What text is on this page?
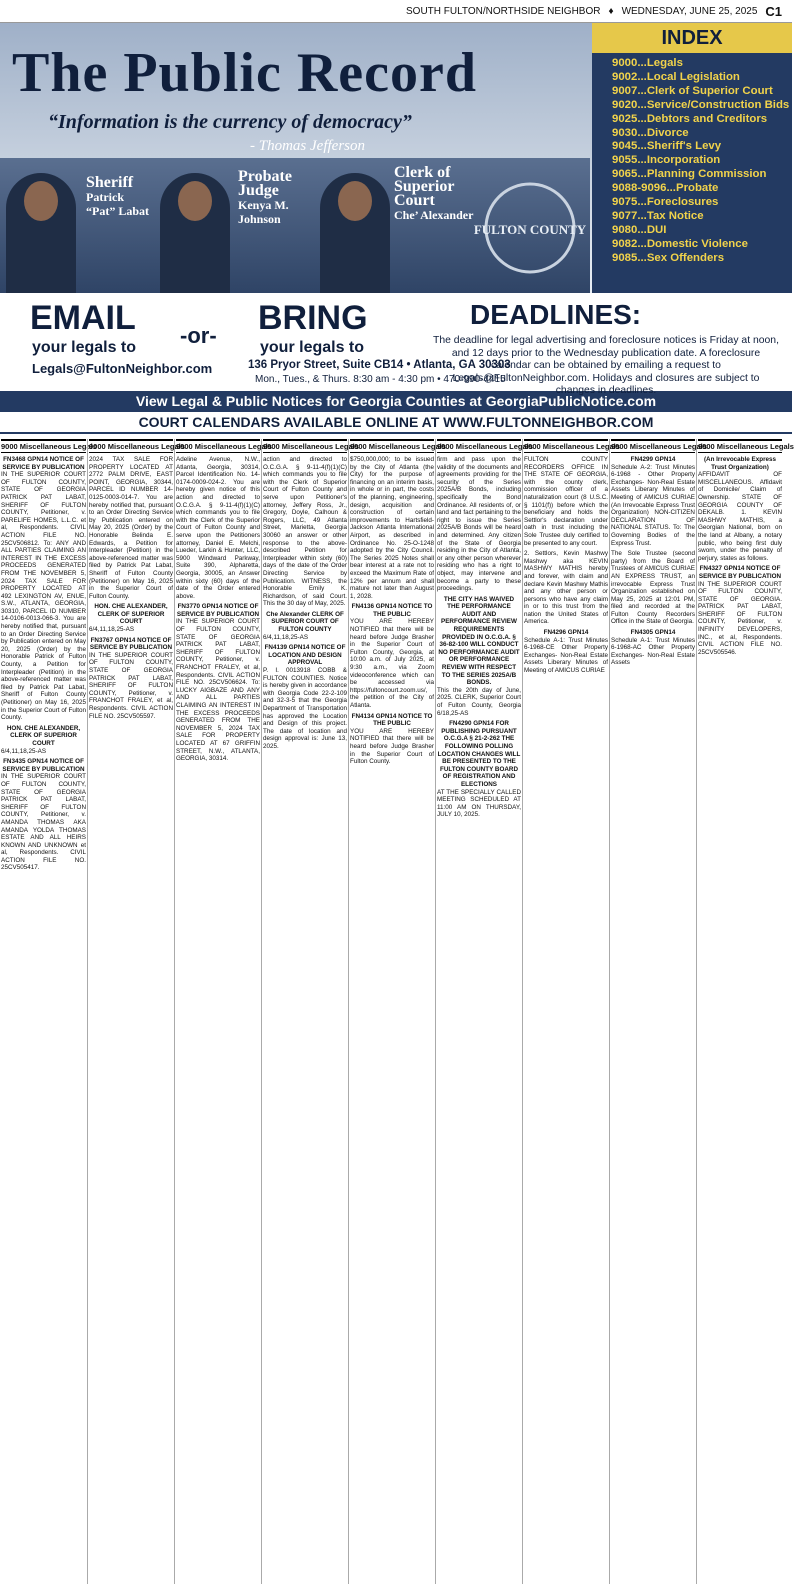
SOUTH FULTON/NORTHSIDE NEIGHBOR ♦ WEDNESDAY, JUNE 25, 2025 C1
The Public Record
“Information is the currency of democracy”
- Thomas Jefferson
Sheriff
Patrick “Pat” Labat
Probate Judge
Kenya M. Johnson
Clerk of Superior Court
Che’ Alexander
FULTON COUNTY
INDEX
9000...Legals
9002...Local Legislation
9007...Clerk of Superior Court
9020...Service/Construction Bids
9025...Debtors and Creditors
9030...Divorce
9045...Sheriff's Levy
9055...Incorporation
9065...Planning Commission
9088-9096...Probate
9075...Foreclosures
9077...Tax Notice
9080...DUI
9082...Domestic Violence
9085...Sex Offenders
EMAIL
your legals to
Legals@FultonNeighbor.com
-or- BRING
your legals to
136 Pryor Street, Suite CB14 • Atlanta, GA 30303
Mon., Tues., & Thurs. 8:30 am - 4:30 pm • 470-990-4415
DEADLINES:
The deadline for legal advertising and foreclosure notices is Friday at noon, and 12 days prior to the Wednesday publication date. A foreclosure calendar can be obtained by emailing a request to Legals@FultonNeighbor.com. Holidays and closures are subject to changes in deadlines.
View Legal & Public Notices for Georgia Counties at GeorgiaPublicNotice.com
COURT CALENDARS AVAILABLE ONLINE AT WWW.FULTONNEIGHBOR.COM
9000 Miscellaneous Legals
FN3468 GPN14 NOTICE OF SERVICE BY PUBLICATION
IN THE SUPERIOR COURT OF FULTON COUNTY, STATE OF GEORGIA PATRICK PAT LABAT, SHERIFF OF FULTON COUNTY, Petitioner, v. PARELIFE HOMES, L.L.C. et al, Respondents. CIVIL ACTION FILE NO. 25CV506812. To: ANY AND ALL PARTIES CLAIMING AN INTEREST IN THE EXCESS PROCEEDS GENERATED FROM THE NOVEMBER 5, 2024 TAX SALE FOR PROPERTY LOCATED AT 492 LEXINGTON AV, ENUE, S.W., ATLANTA, GEORGIA, 30310, PARCEL ID NUMBER 14-0106-0013-066-3. You are hereby notified that, pursuant to an Order Directing Service by Publication entered on May 20, 2025 (Order) by the Honorable Patrick of Fulton County, a Petition for Interpleader (Petition) in the above-referenced matter was filed by Patrick Pat Labat, Sheriff of Fulton County (Petitioner) on May 16, 2025 in the Superior Court of Fulton County.
HON. CHE ALEXANDER, CLERK OF SUPERIOR COURT
6/4,11,18,25-AS
FN3435 GPN14 NOTICE OF SERVICE BY PUBLICATION
IN THE SUPERIOR COURT OF FULTON COUNTY, STATE OF GEORGIA PATRICK PAT LABAT, SHERIFF OF FULTON COUNTY, Petitioner, v. AMANDA THOMAS AKA AMANDA YOLDA THOMAS ESTATE AND ALL HEIRS KNOWN AND UNKNOWN et al, Respondents. CIVIL ACTION FILE NO. 25CV505417.
9000 Miscellaneous Legals
2024 TAX SALE FOR PROPERTY LOCATED AT 2772 PALM DRIVE, EAST POINT, GEORGIA, 30344, PARCEL ID NUMBER 14-0125-0003-014-7. You are hereby notified that, pursuant to an Order Directing Service by Publication entered on May 20, 2025 (Order) by the Honorable Belinda E. Edwards, a Petition for Interpleader (Petition) in the above-referenced matter was filed by Patrick Pat Labat, Sheriff of Fulton County (Petitioner) on May 16, 2025 in the Superior Court of Fulton County.
HON. CHE ALEXANDER, CLERK OF SUPERIOR COURT
6/4,11,18,25-AS
FN3767 GPN14 NOTICE OF SERVICE BY PUBLICATION
IN THE SUPERIOR COURT OF FULTON COUNTY, STATE OF GEORGIA PATRICK PAT LABAT, SHERIFF OF FULTON COUNTY, Petitioner, v. FRANCHOT FRALEY, et al, Respondents. CIVIL ACTION FILE NO. 25CV505597.
9000 Miscellaneous Legals
Adeline Avenue, N.W., Atlanta, Georgia, 30314, Parcel Identification No. 14-0174-0009-024-2. You are hereby given notice of this action and directed to O.C.G.A. § 9-11-4(f)(1)(C) which commands you to file with the Clerk of the Superior Court of Fulton County and serve upon the Petitioners attorney, Daniel E. Melchi, Lueder, Larkin & Hunter, LLC, 5900 Windward Parkway, Suite 390, Alpharetta, Georgia, 30005, an Answer within sixty (60) days of the date of the Order entered above.
FN3770 GPN14 NOTICE OF SERVICE BY PUBLICATION
IN THE SUPERIOR COURT OF FULTON COUNTY, STATE OF GEORGIA PATRICK PAT LABAT, SHERIFF OF FULTON COUNTY, Petitioner, v. FRANCHOT FRALEY, et al, Respondents. CIVIL ACTION FILE NO. 25CV506624. To: LUCKY AIGBAZE AND ANY AND ALL PARTIES CLAIMING AN INTEREST IN THE EXCESS PROCEEDS GENERATED FROM THE NOVEMBER 5, 2024 TAX SALE FOR PROPERTY LOCATED AT 67 GRIFFIN STREET, N.W., ATLANTA, GEORGIA, 30314.
9000 Miscellaneous Legals
action and directed to O.C.G.A. § 9-11-4(f)(1)(C) which commands you to file with the Clerk of Superior Court of Fulton County and serve upon Petitioner's attorney, Jeffery Ross, Jr., Gregory, Doyle, Calhoun & Rogers, LLC, 49 Atlanta Street, Marietta, Georgia 30060 an answer or other response to the above-described Petition for Interpleader within sixty (60) days of the date of the Order Directing Service by Publication. WITNESS, the Honorable Emily K. Richardson, of said Court. This the 30 day of May, 2025.
Che Alexander CLERK OF SUPERIOR COURT OF FULTON COUNTY
6/4,11,18,25-AS
FN4139 GPN14 NOTICE OF LOCATION AND DESIGN APPROVAL
P. I. 0013918 COBB & FULTON COUNTIES. Notice is hereby given in accordance with Georgia Code 22-2-109 and 32-3-5 that the Georgia Department of Transportation has approved the Location and Design of this project. The date of location and design approval is: June 13, 2025.
9000 Miscellaneous Legals
$750,000,000; to be issued by the City of Atlanta (the City) for the purpose of financing on an interim basis, in whole or in part, the costs of the planning, engineering, design, acquisition and construction of certain improvements to Hartsfield-Jackson Atlanta International Airport, as described in Ordinance No. 25-O-1248 adopted by the City Council. The Series 2025 Notes shall bear interest at a rate not to exceed the Maximum Rate of 12% per annum and shall mature not later than August 1, 2028.
FN4136 GPN14 NOTICE TO THE PUBLIC
YOU ARE HEREBY NOTIFIED that there will be heard before Judge Brasher in the Superior Court of Fulton County, Georgia, at 10:00 a.m. of July 2025, at 9:30 a.m., via Zoom videoconference which can be accessed via https://fultoncourt.zoom.us/, the petition of the City of Atlanta.
FN4134 GPN14 NOTICE TO THE PUBLIC
YOU ARE HEREBY NOTIFIED that there will be heard before Judge Brasher in the Superior Court of Fulton County.
9000 Miscellaneous Legals
firm and pass upon the validity of the documents and agreements providing for the security of the Series 2025A/B Bonds, including specifically the Bond Ordinance. All residents of, or land and fact pertaining to the right to issue the Series 2025A/B Bonds will be heard and determined. Any citizen of the State of Georgia residing in the City of Atlanta, or any other person wherever residing who has a right to object, may intervene and become a party to these proceedings.
THE CITY HAS WAIVED THE PERFORMANCE AUDIT AND PERFORMANCE REVIEW REQUIREMENTS PROVIDED IN O.C.G.A. § 36-82-100 WILL CONDUCT NO PERFORMANCE AUDIT OR PERFORMANCE REVIEW WITH RESPECT TO THE SERIES 2025A/B BONDS.
This the 20th day of June, 2025. CLERK, Superior Court of Fulton County, Georgia 6/18,25-AS
FN4290 GPN14 FOR PUBLISHING PURSUANT O.C.G.A § 21-2-262 THE FOLLOWING POLLING LOCATION CHANGES WILL BE PRESENTED TO THE FULTON COUNTY BOARD OF REGISTRATION AND ELECTIONS
AT THE SPECIALLY CALLED MEETING SCHEDULED AT 11:00 AM ON THURSDAY, JULY 10, 2025.
9000 Miscellaneous Legals
FULTON COUNTY RECORDERS OFFICE IN THE STATE OF GEORGIA, with the county clerk, commission officer of a naturalization court (8 U.S.C. § 1101(f)) before which the beneficiary and holds the Settlor's declaration under oath in trust including the Sole Trustee duly certified to be presented to any court.
2. Settlors, Kevin Mashwy Mashwy aka KEVIN MASHWY MATHIS hereby and forever, with claim and declare Kevin Mashwy Mathis and any other person or persons who have any claim in or to this trust from the nation the United States of America.
FN4296 GPN14
Schedule A-1: Trust Minutes 6-1968-CE Other Property Exchanges- Non-Real Estate Assets Liberary Minutes of Meeting of AMICUS CURIAE
9000 Miscellaneous Legals
FN4299 GPN14
Schedule A-2: Trust Minutes 6-1968 - Other Property Exchanges- Non-Real Estate Assets Liberary Minutes of Meeting of AMICUS CURIAE (An Irrevocable Express Trust Organization) NON-CITIZEN DECLARATION OF NATIONAL STATUS. To: The Governing Bodies of the Express Trust.
The Sole Trustee (second party) from the Board of Trustees of AMICUS CURIAE AN EXPRESS TRUST, an irrevocable Express Trust Organization established on May 25, 2025 at 12:01 PM, filed and recorded at the Fulton County Recorders Office in the State of Georgia.
FN4305 GPN14
Schedule A-1: Trust Minutes 6-1968-AC Other Property Exchanges- Non-Real Estate Assets
9000 Miscellaneous Legals
(An Irrevocable Express Trust Organization)
AFFIDAVIT OF MISCELLANEOUS. Affidavit of Domicile/ Claim of Ownership. STATE OF GEORGIA COUNTY OF DEKALB. 1. KEVIN MASHWY MATHIS, a Georgian National, born on the land at Albany, a notary public, who being first duly sworn, under the penalty of perjury, states as follows.
FN4327 GPN14 NOTICE OF SERVICE BY PUBLICATION
IN THE SUPERIOR COURT OF FULTON COUNTY, STATE OF GEORGIA. PATRICK PAT LABAT, SHERIFF OF FULTON COUNTY, Petitioner, v. INFINITY DEVELOPERS, INC., et al, Respondents. CIVIL ACTION FILE NO. 25CV505546.
